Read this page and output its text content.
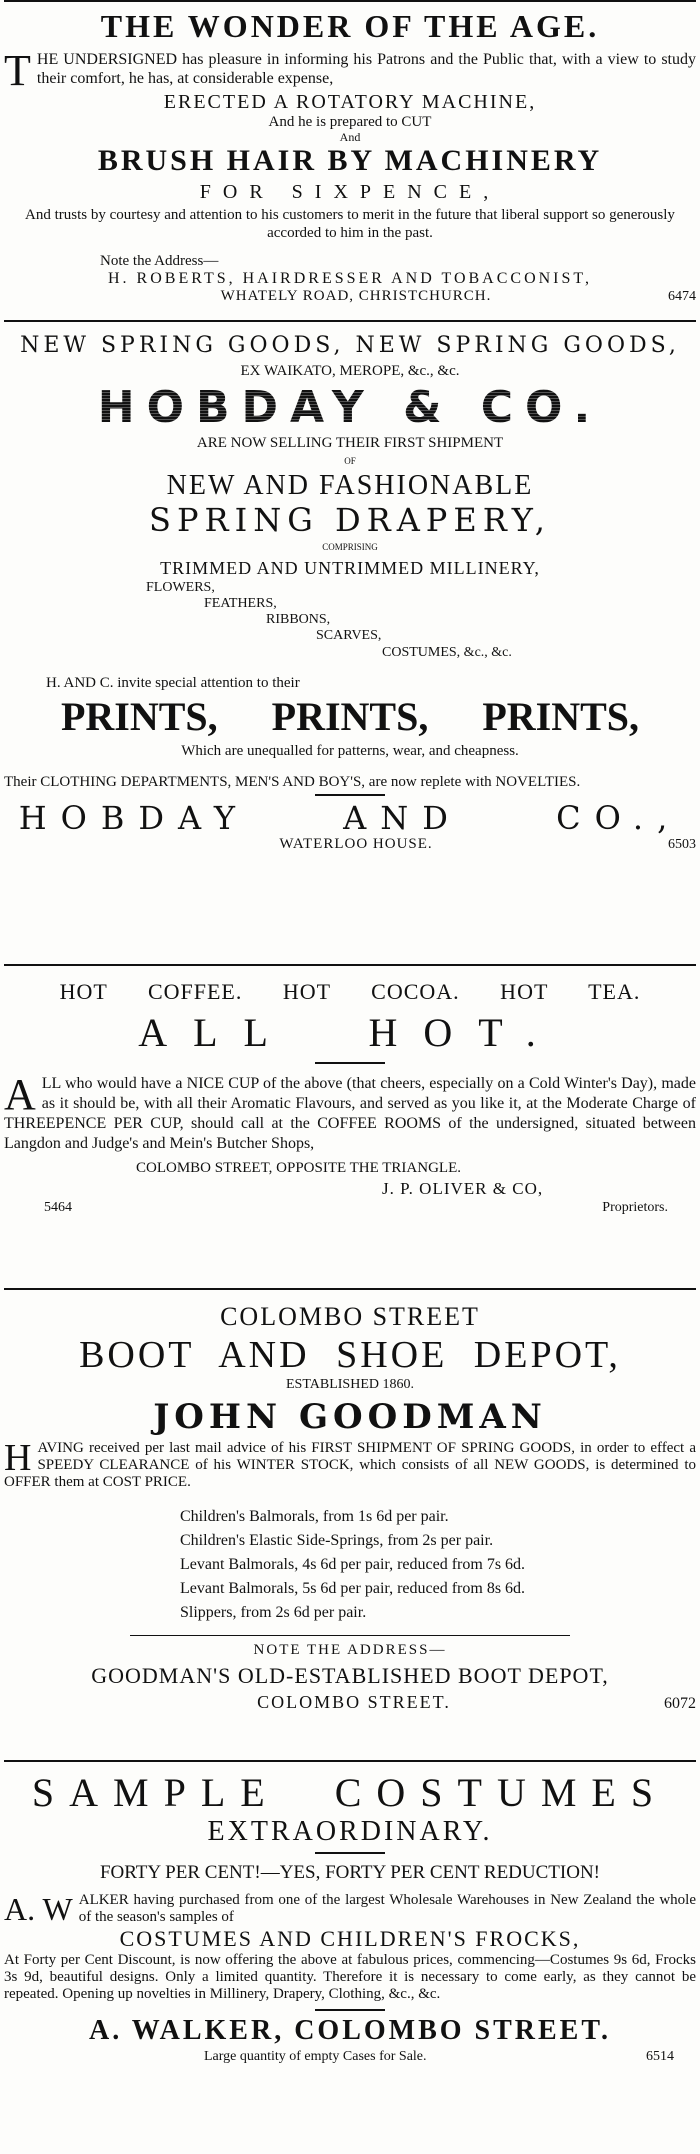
THE WONDER OF THE AGE.
T HE UNDERSIGNED has pleasure in informing his Patrons and the Public that, with a view to study their comfort, he has, at considerable expense,
ERECTED A ROTATORY MACHINE,
And he is prepared to CUT
And
BRUSH HAIR BY MACHINERY
FOR SIXPENCE,
And trusts by courtesy and attention to his customers to merit in the future that liberal support so generously accorded to him in the past.
Note the Address—
H. ROBERTS, HAIRDRESSER AND TOBACCONIST,
WHATELY ROAD, CHRISTCHURCH.	6474
NEW SPRING GOODS, NEW SPRING GOODS,
EX WAIKATO, MEROPE, &c., &c.
HOBDAY & CO.
ARE NOW SELLING THEIR FIRST SHIPMENT
OF
NEW AND FASHIONABLE
SPRING DRAPERY,
COMPRISING
TRIMMED AND UNTRIMMED MILLINERY,
FLOWERS,
FEATHERS,
RIBBONS,
SCARVES,
COSTUMES, &c., &c.
H. AND C. invite special attention to their
PRINTS, PRINTS, PRINTS,
Which are unequalled for patterns, wear, and cheapness.
Their CLOTHING DEPARTMENTS, MEN'S AND BOY'S, are now replete with NOVELTIES.
HOBDAY AND CO.,
WATERLOO HOUSE.	6503
HOT COFFEE. HOT COCOA. HOT TEA.
ALL HOT.
A LL who would have a NICE CUP of the above (that cheers, especially on a Cold Winter's Day), made as it should be, with all their Aromatic Flavours, and served as you like it, at the Moderate Charge of THREEPENCE PER CUP, should call at the COFFEE ROOMS of the undersigned, situated between Langdon and Judge's and Mein's Butcher Shops,
COLOMBO STREET, OPPOSITE THE TRIANGLE.
J. P. OLIVER & CO,
5464	Proprietors.
COLOMBO STREET
BOOT AND SHOE DEPOT,
ESTABLISHED 1860.
JOHN GOODMAN
H AVING received per last mail advice of his FIRST SHIPMENT OF SPRING GOODS, in order to effect a SPEEDY CLEARANCE of his WINTER STOCK, which consists of all NEW GOODS, is determined to OFFER them at COST PRICE.
Children's Balmorals, from 1s 6d per pair.
Children's Elastic Side-Springs, from 2s per pair.
Levant Balmorals, 4s 6d per pair, reduced from 7s 6d.
Levant Balmorals, 5s 6d per pair, reduced from 8s 6d.
Slippers, from 2s 6d per pair.
NOTE THE ADDRESS—
GOODMAN'S OLD-ESTABLISHED BOOT DEPOT,
COLOMBO STREET.	6072
SAMPLE COSTUMES
EXTRAORDINARY.
FORTY PER CENT!—YES, FORTY PER CENT REDUCTION!
A. W ALKER having purchased from one of the largest Wholesale Warehouses in New Zealand the whole of the season's samples of
COSTUMES AND CHILDREN'S FROCKS,
At Forty per Cent Discount, is now offering the above at fabulous prices, commencing—Costumes 9s 6d, Frocks 3s 9d, beautiful designs. Only a limited quantity. Therefore it is necessary to come early, as they cannot be repeated. Opening up novelties in Millinery, Drapery, Clothing, &c., &c.
A. WALKER, COLOMBO STREET.
Large quantity of empty Cases for Sale.	6514
